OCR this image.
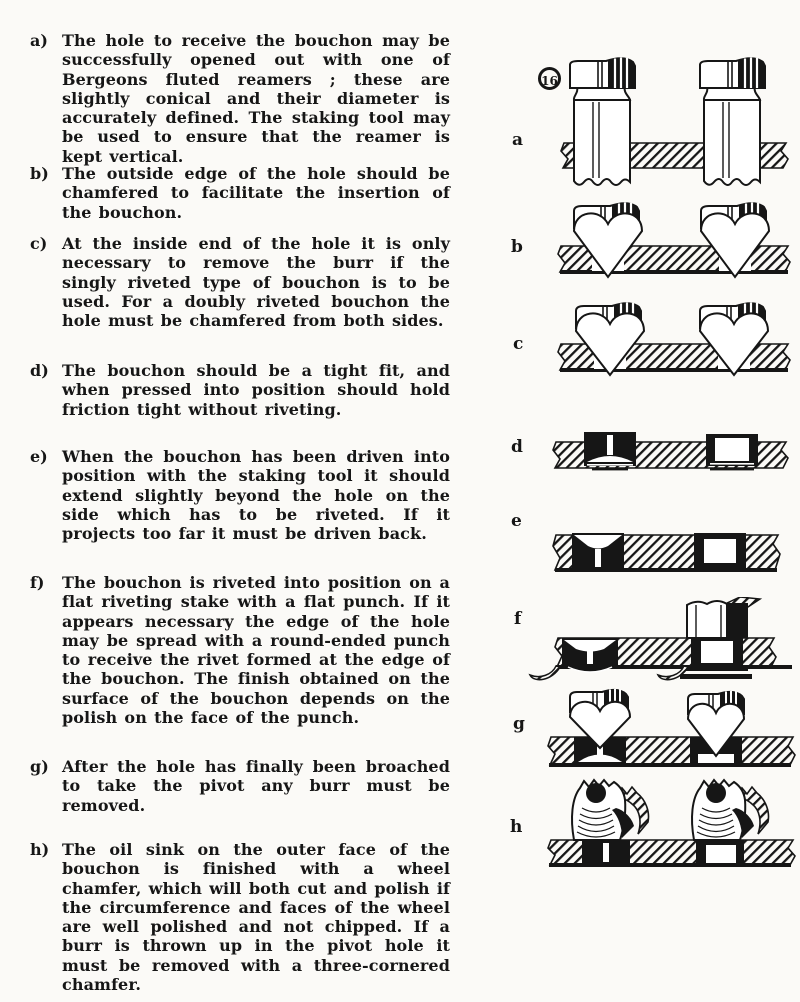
a) The hole to receive the bouchon may be successfully opened out with one of Bergeons fluted reamers ; these are slightly conical and their diameter is accurately defined. The staking tool may be used to ensure that the reamer is kept vertical.

b) The outside edge of the hole should be chamfered to facilitate the insertion of the bouchon.

c) At the inside end of the hole it is only necessary to remove the burr if the singly riveted type of bouchon is to be used. For a doubly riveted bouchon the hole must be chamfered from both sides.

d) The bouchon should be a tight fit, and when pressed into position should hold friction tight without riveting.

e) When the bouchon has been driven into position with the staking tool it should extend slightly beyond the hole on the side which has to be riveted. If it projects too far it must be driven back.

f) The bouchon is riveted into position on a flat riveting stake with a flat punch. If it appears necessary the edge of the hole may be spread with a round-ended punch to receive the rivet formed at the edge of the bouchon. The finish obtained on the surface of the bouchon depends on the polish on the face of the punch.

g) After the hole has finally been broached to take the pivot any burr must be removed.

h) The oil sink on the outer face of the bouchon is finished with a wheel chamfer, which will both cut and polish if the circumference and faces of the wheel are well polished and not chipped. If a burr is thrown up in the pivot hole it must be removed with a three-cornered chamfer.

16
a
b
c
d
e
f
g
h
